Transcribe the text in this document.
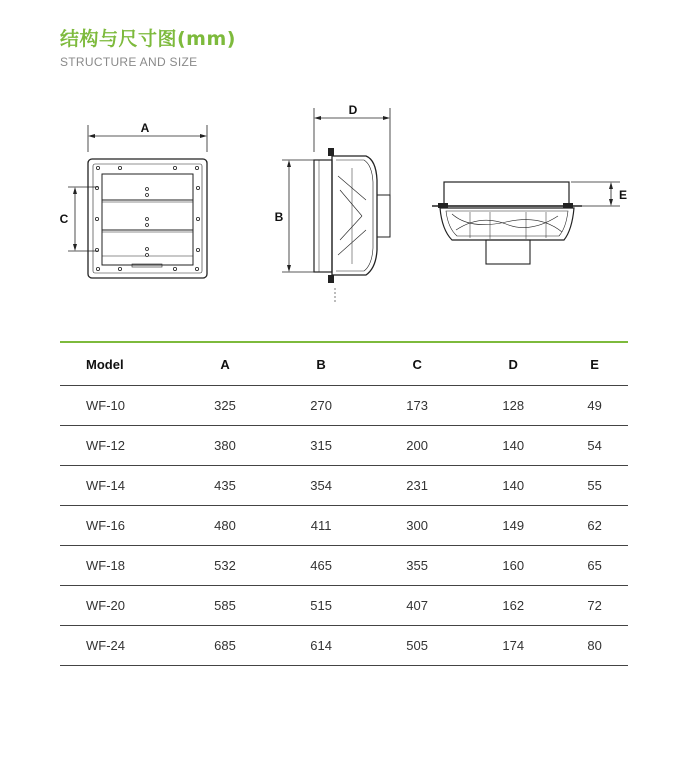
结构与尺寸图(mm)
STRUCTURE AND SIZE
A
C
D
B
E
Model	A	B	C	D	E
WF-10	325	270	173	128	49
WF-12	380	315	200	140	54
WF-14	435	354	231	140	55
WF-16	480	411	300	149	62
WF-18	532	465	355	160	65
WF-20	585	515	407	162	72
WF-24	685	614	505	174	80
